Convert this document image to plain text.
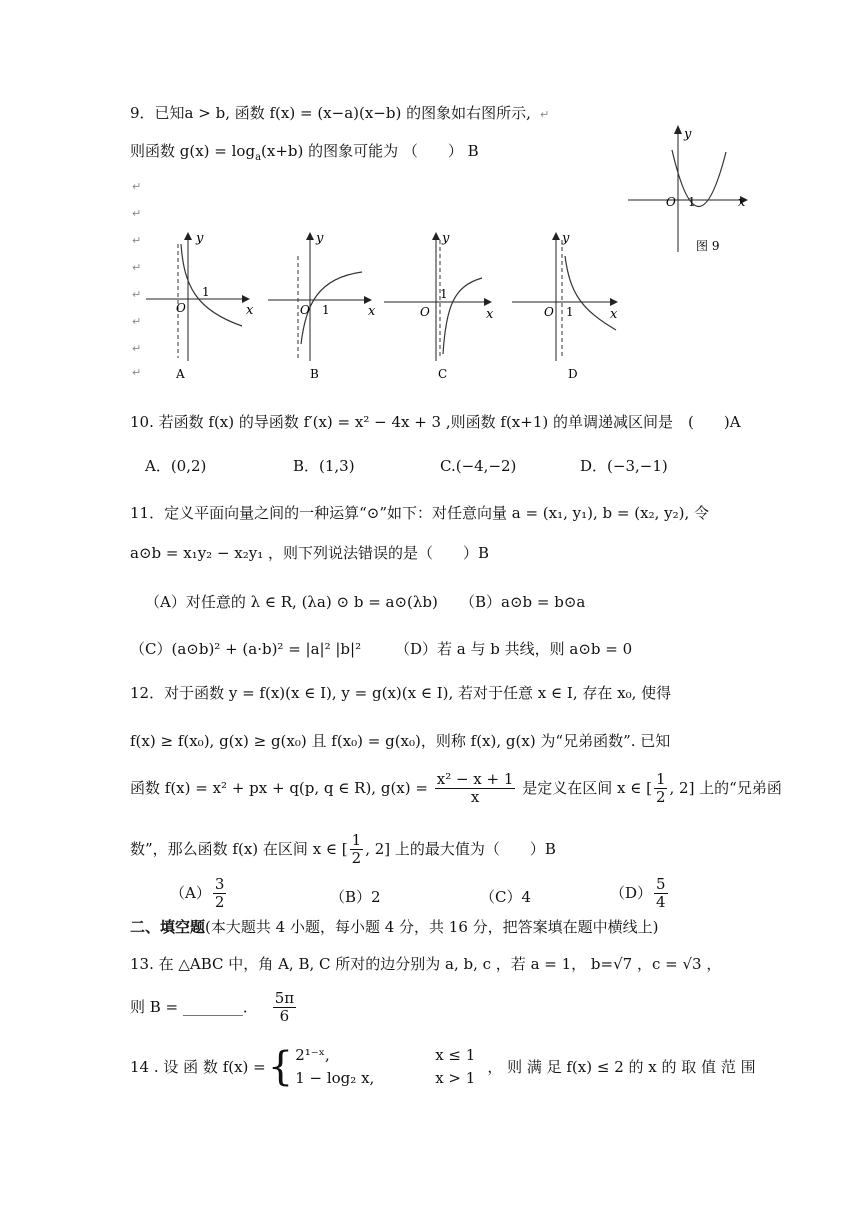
9．已知a > b, 函数 f(x) = (x−a)(x−b) 的图象如右图所示, ↵
则函数 $g(x) = \log_a(x+b)$ 的图象可能为 （　　） B
↵
↵
↵
↵
↵
↵
↵
↵
y
x
O 1
图 9
y
x
O
1
A
y
x
O 1
B
y
x
O
1
C
y
x
O 1
D
10. 若函数 f(x) 的导函数 f′(x) = x² − 4x + 3 ,则函数 f(x+1) 的单调递减区间是　(　　)A
A．(0,2)	B．(1,3)	C.(−4,−2)	D．(−3,−1)
11．定义平面向量之间的一种运算“⊙”如下：对任意向量 a = (x₁, y₁), b = (x₂, y₂), 令
a⊙b = x₁y₂ − x₂y₁ ，则下列说法错误的是（　　）B
（A）对任意的 λ ∈ R, (λa) ⊙ b = a⊙(λb) （B）a⊙b = b⊙a
（C）(a⊙b)² + (a·b)² = |a|² |b|² （D）若 a 与 b 共线，则 a⊙b = 0
12．对于函数 y = f(x)(x ∈ I), y = g(x)(x ∈ I), 若对于任意 x ∈ I, 存在 x₀, 使得
f(x) ≥ f(x₀), g(x) ≥ g(x₀) 且 f(x₀) = g(x₀)，则称 f(x), g(x) 为“兄弟函数”. 已知
函数 f(x) = x² + px + q(p, q ∈ R), $g(x) = \frac{\text{x² − x + 1}}{x}$ 是定义在区间 x ∈ [ $\frac{1}{2}$ , 2] 上的“兄弟函
数”，那么函数 f(x) 在区间 x ∈ [ $\frac{1}{2}$ , 2] 上的最大值为（　　）B
$(A) \frac{3}{2}$	（B）2	（C）4	$(D) \frac{5}{4}$
二、填空题(本大题共 4 小题，每小题 4 分，共 16 分，把答案填在题中横线上)
13. 在 △ABC 中，角 A, B, C 所对的边分别为 a, b, c ，若 a = 1， b=√7 ，c = √3 ，
则 B = ________． $\frac{5\pi}{6}$
14 . 设 函 数 f(x) = { 2¹⁻ˣ,	x ≤ 1
1 − log₂ x,	x > 1
， 则 满 足 f(x) ≤ 2 的 x 的 取 值 范 围
